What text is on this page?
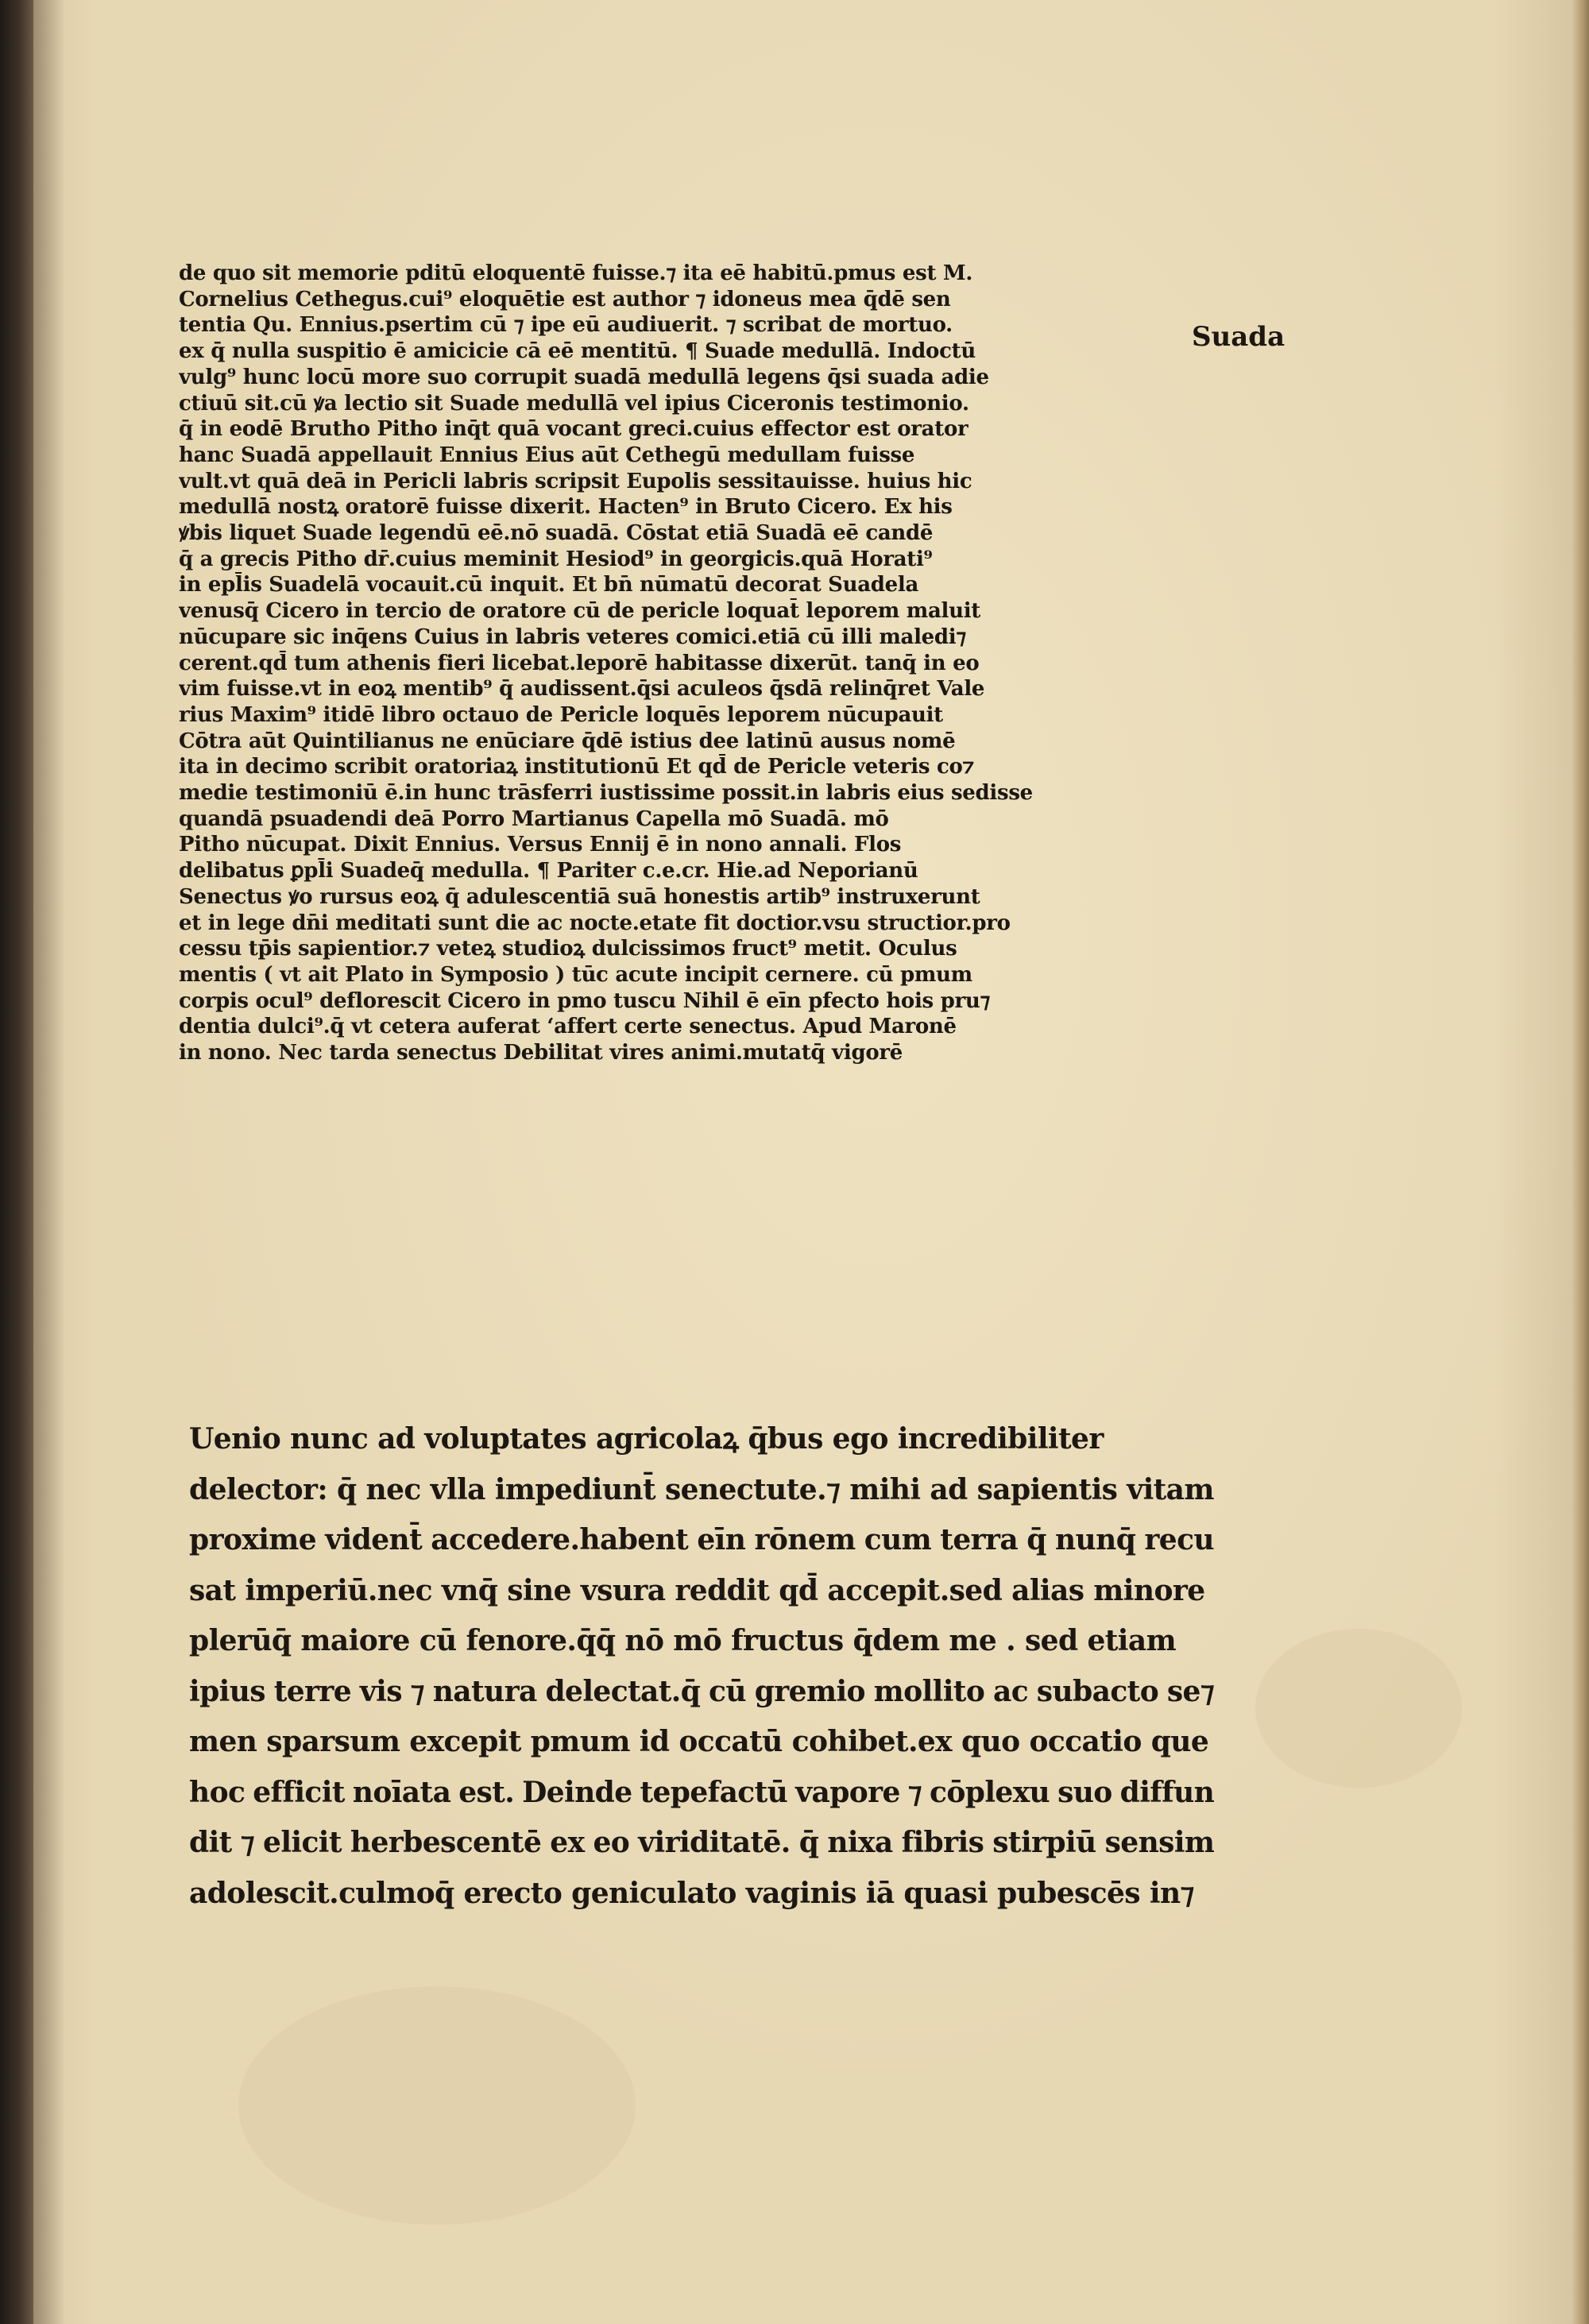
Suada
de quo sit memorie pditū eloquentē fuisse.⁊ ita eē habitū.pmus est M.
Cornelius Cethegus.cui⁹ eloquētie est author ⁊ idoneus mea q̄dē sen
tentia Qu. Ennius.psertim cū ⁊ ipe eū audiuerit. ⁊ scribat de mortuo.
ex q̄ nulla suspitio ē amicicie cā eē mentitū. ¶ Suade medullā. Indoctū
vulg⁹ hunc locū more suo corrupit suadā medullā legens q̄si suada adie
ctiuū sit.cū ꝟa lectio sit Suade medullā vel ipius Ciceronis testimonio.
q̄ in eodē Brutho Pitho inq̄t quā vocant greci.cuius effector est orator
hanc Suadā appellauit Ennius Eius aūt Cethegū medullam fuisse
vult.vt quā deā in Pericli labris scripsit Eupolis sessitauisse. huius hic
medullā nostꝝ oratorē fuisse dixerit. Hacten⁹ in Bruto Cicero. Ex his
ꝟbis liquet Suade legendū eē.nō suadā. Cōstat etiā Suadā eē candē
q̄ a grecis Pitho dr̄.cuius meminit Hesiod⁹ in georgicis.quā Horati⁹
in epl̄is Suadelā vocauit.cū inquit. Et bn̄ nūmatū decorat Suadela
venusq̄ Cicero in tercio de oratore cū de pericle loquat̄ leporem maluit
nūcupare sic inq̄ens Cuius in labris veteres comici.etiā cū illi maledi⁊
cerent.qd̄ tum athenis fieri licebat.leporē habitasse dixerūt. tanq̄ in eo
vim fuisse.vt in eoꝝ mentib⁹ q̄ audissent.q̄si aculeos q̄sdā relinq̄ret Vale
rius Maxim⁹ itidē libro octauo de Pericle loquēs leporem nūcupauit
Cōtra aūt Quintilianus ne enūciare q̄dē istius dee latinū ausus nomē
ita in decimo scribit oratoriaꝝ institutionū Et qd̄ de Pericle veteris co⁊
medie testimoniū ē.in hunc trāsferri iustissime possit.in labris eius sedisse
quandā psuadendi deā Porro Martianus Capella mō Suadā. mō
Pitho nūcupat. Dixit Ennius. Versus Ennij ē in nono annali. Flos
delibatus ꝑpl̄i Suadeq̄ medulla. ¶ Pariter c.e.cr. Hie.ad Neporianū
Senectus ꝟo rursus eoꝝ q̄ adulescentiā suā honestis artib⁹ instruxerunt
et in lege dn̄i meditati sunt die ac nocte.etate fit doctior.vsu structior.pro
cessu tp̄is sapientior.⁊ veteꝝ studioꝝ dulcissimos fruct⁹ metit. Oculus
mentis ( vt ait Plato in Symposio ) tūc acute incipit cernere. cū pmum
corpis ocul⁹ deflorescit Cicero in pmo tuscu Nihil ē eīn pfecto hois pru⁊
dentia dulci⁹.q̄ vt cetera auferat ‘affert certe senectus. Apud Maronē
in nono. Nec tarda senectus Debilitat vires animi.mutatq̄ vigorē
Uenio nunc ad voluptates agricolaꝝ q̄bus ego incredibiliter
delector: q̄ nec vlla impediunt̄ senectute.⁊ mihi ad sapientis vitam
proxime vident̄ accedere.habent eīn rōnem cum terra q̄ nunq̄ recu
sat imperiū.nec vnq̄ sine vsura reddit qd̄ accepit.sed alias minore
plerūq̄ maiore cū fenore.q̄q̄ nō mō fructus q̄dem me . sed etiam
ipius terre vis ⁊ natura delectat.q̄ cū gremio mollito ac subacto se⁊
men sparsum excepit pmum id occatū cohibet.ex quo occatio que
hoc efficit noīata est. Deinde tepefactū vapore ⁊ cōplexu suo diffun
dit ⁊ elicit herbescentē ex eo viriditatē. q̄ nixa fibris stirpiū sensim
adolescit.culmoq̄ erecto geniculato vaginis iā quasi pubescēs in⁊
